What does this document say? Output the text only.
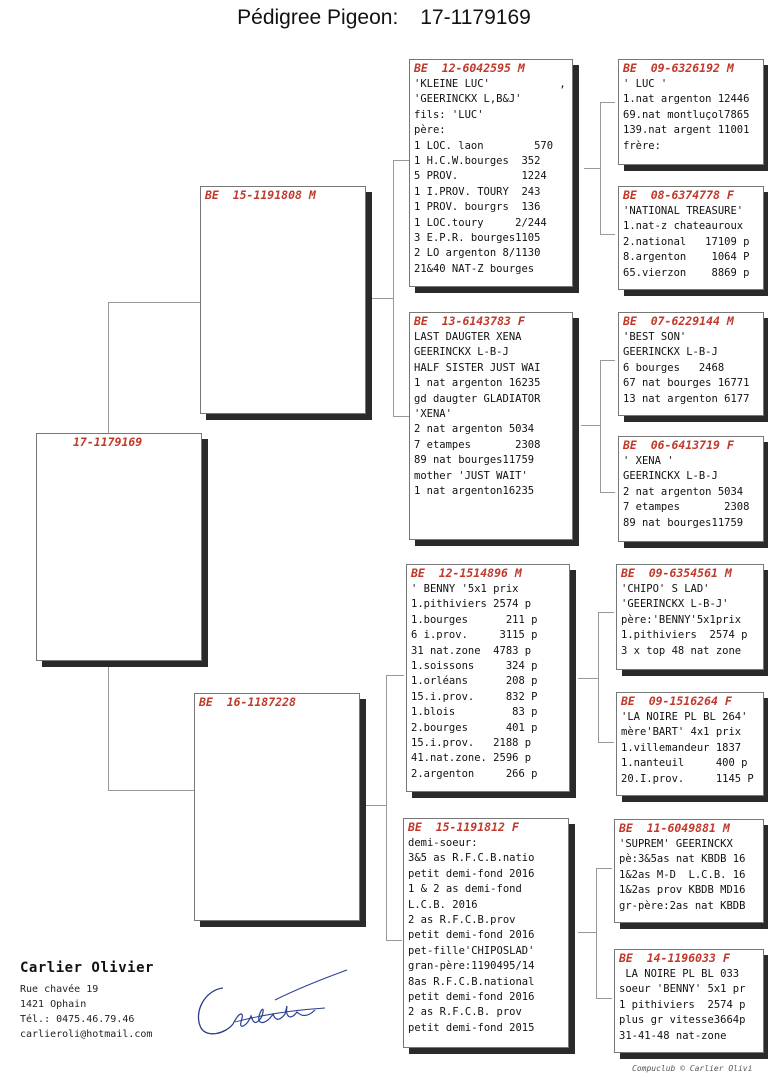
Pédigree Pigeon: 17-1179169
17-1179169
BE  15-1191808 M
BE  16-1187228
BE  12-6042595 M
'KLEINE LUC'           ,
'GEERINCKX L,B&J'
fils: 'LUC'
père:
1 LOC. laon        570
1 H.C.W.bourges  352
5 PROV.          1224
1 I.PROV. TOURY  243
1 PROV. bourgrs  136
1 LOC.toury     2/244
3 E.P.R. bourges1105
2 LO argenton 8/1130
21&40 NAT-Z bourges
BE  13-6143783 F
LAST DAUGTER XENA
GEERINCKX L-B-J
HALF SISTER JUST WAI
1 nat argenton 16235
gd daugter GLADIATOR
'XENA'
2 nat argenton 5034
7 etampes       2308
89 nat bourges11759
mother 'JUST WAIT'
1 nat argenton16235
BE  12-1514896 M
' BENNY '5x1 prix
1.pithiviers 2574 p
1.bourges      211 p
6 i.prov.     3115 p
31 nat.zone  4783 p
1.soissons     324 p
1.orléans      208 p
15.i.prov.     832 P
1.blois         83 p
2.bourges      401 p
15.i.prov.   2188 p
41.nat.zone. 2596 p
2.argenton     266 p
BE  15-1191812 F
demi-soeur:
3&5 as R.F.C.B.natio
petit demi-fond 2016
1 & 2 as demi-fond
L.C.B. 2016
2 as R.F.C.B.prov
petit demi-fond 2016
pet-fille'CHIPOSLAD'
gran-père:1190495/14
8as R.F.C.B.national
petit demi-fond 2016
2 as R.F.C.B. prov
petit demi-fond 2015
BE  09-6326192 M
' LUC '
1.nat argenton 12446
69.nat montluçol7865
139.nat argent 11001
frère:
BE  08-6374778 F
'NATIONAL TREASURE'
1.nat-z chateauroux
2.national   17109 p
8.argenton    1064 P
65.vierzon    8869 p
BE  07-6229144 M
'BEST SON'
GEERINCKX L-B-J
6 bourges   2468
67 nat bourges 16771
13 nat argenton 6177
BE  06-6413719 F
' XENA '
GEERINCKX L-B-J
2 nat argenton 5034
7 etampes       2308
89 nat bourges11759
BE  09-6354561 M
'CHIPO' S LAD'
'GEERINCKX L-B-J'
père:'BENNY'5x1prix
1.pithiviers  2574 p
3 x top 48 nat zone
BE  09-1516264 F
'LA NOIRE PL BL 264'
mère'BART' 4x1 prix
1.villemandeur 1837
1.nanteuil     400 p
20.I.prov.     1145 P
BE  11-6049881 M
'SUPREM' GEERINCKX
pè:3&5as nat KBDB 16
1&2as M-D  L.C.B. 16
1&2as prov KBDB MD16
gr-père:2as nat KBDB
BE  14-1196033 F
LA NOIRE PL BL 033
soeur 'BENNY' 5x1 pr
1 pithiviers  2574 p
plus gr vitesse3664p
31-41-48 nat-zone
Carlier Olivier
Rue chavée 19
1421 Ophain
Tél.: 0475.46.79.46
carlieroli@hotmail.com
Compuclub © Carlier Olivi
